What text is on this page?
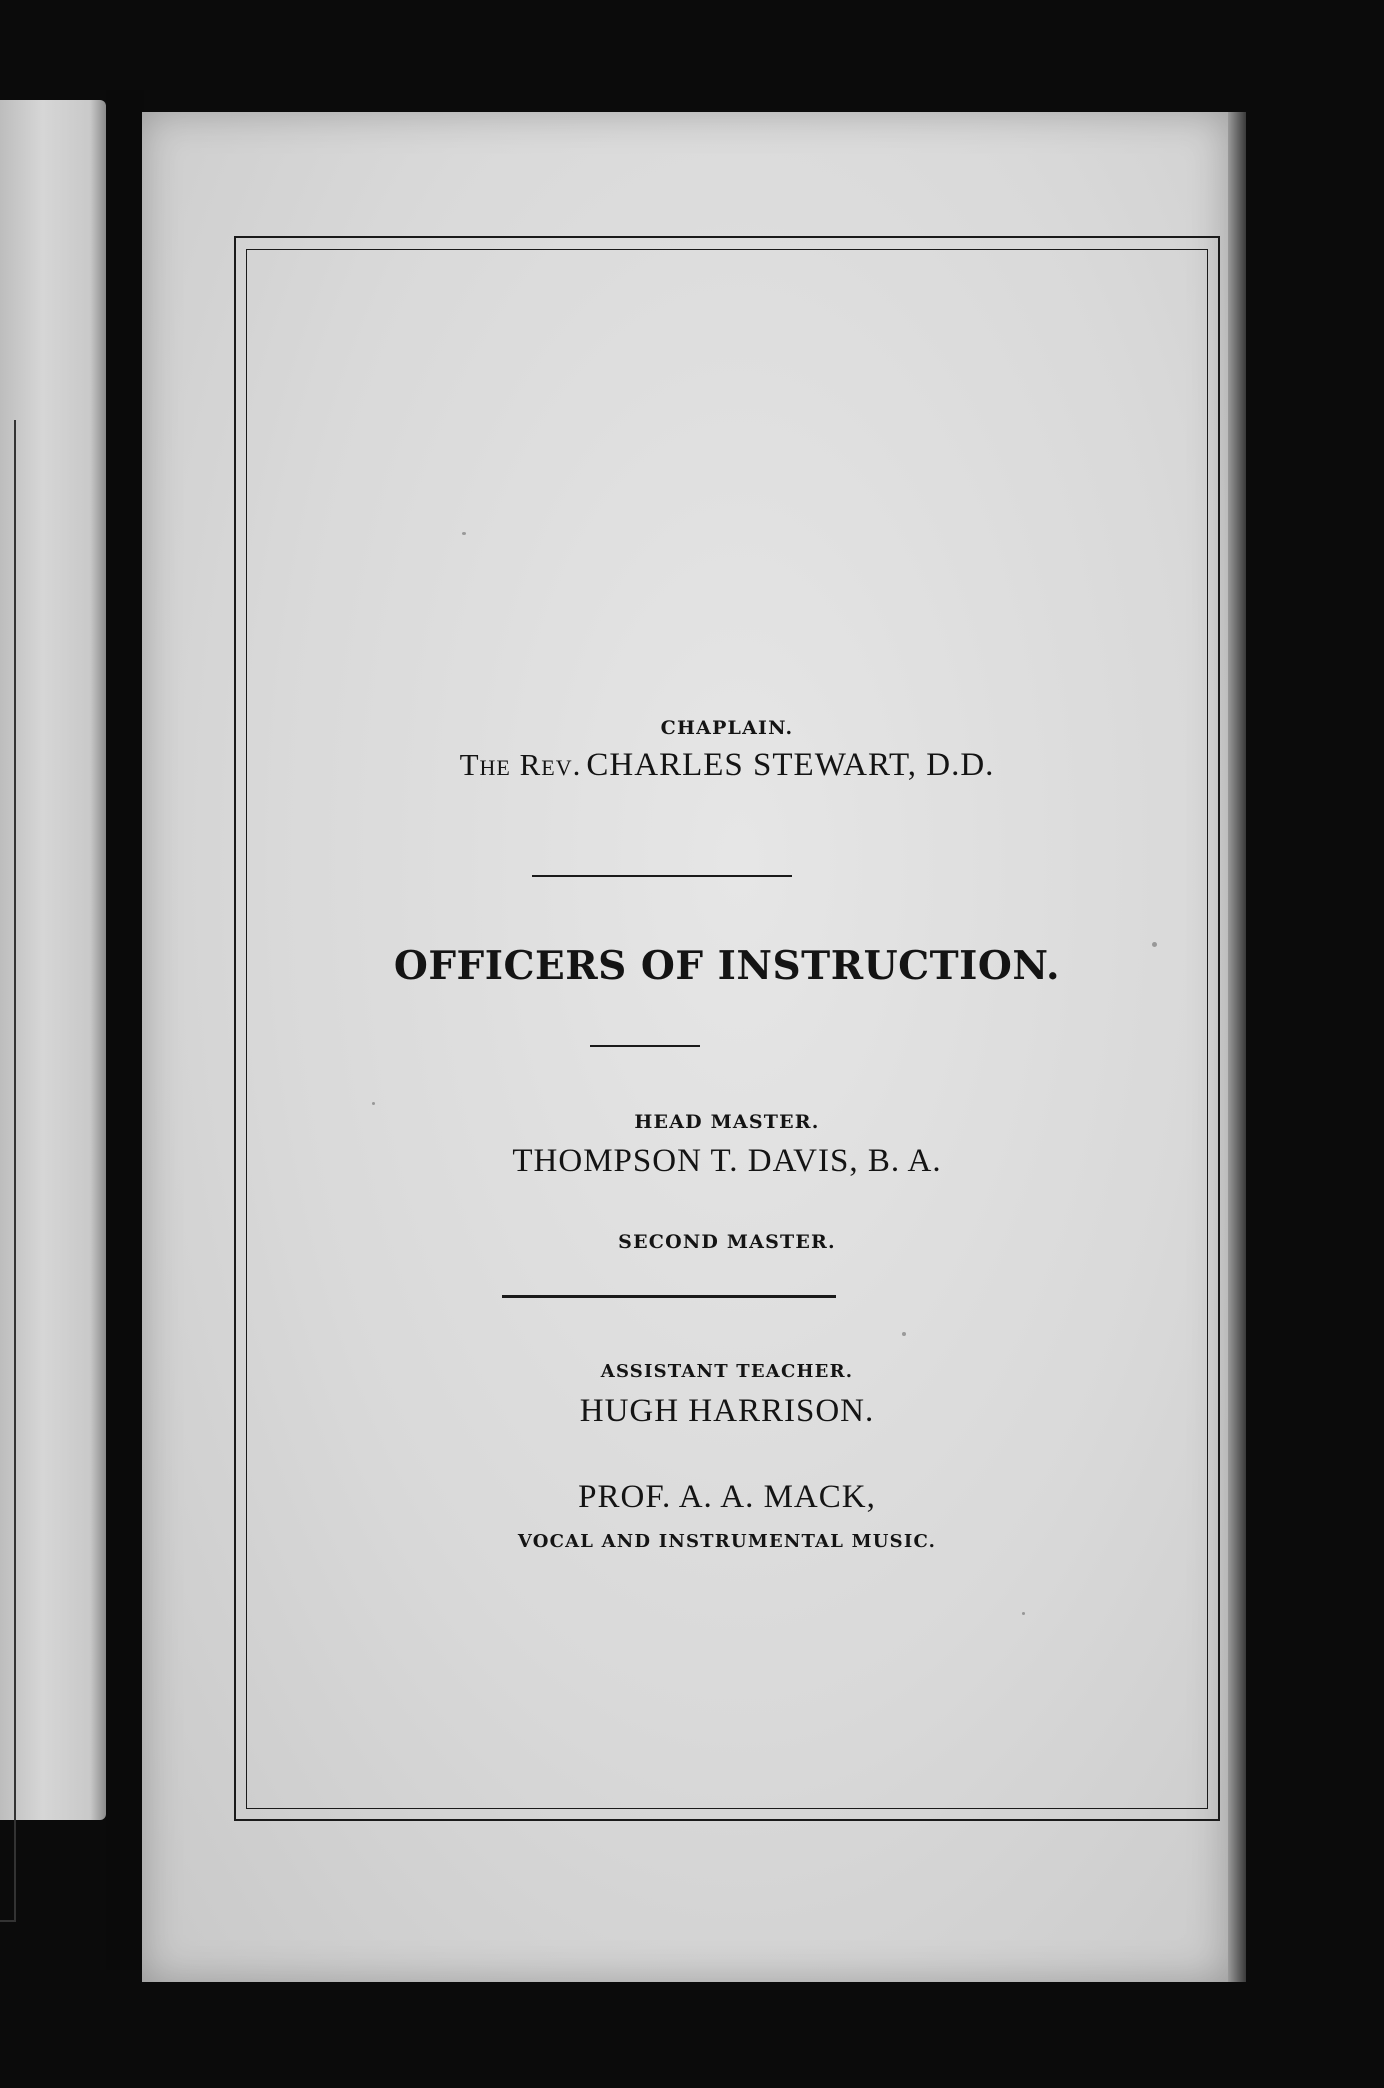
CHAPLAIN.

The Rev. CHARLES STEWART, D.D.

OFFICERS OF INSTRUCTION.

HEAD MASTER.

THOMPSON T. DAVIS, B. A.

SECOND MASTER.

ASSISTANT TEACHER.

HUGH HARRISON.

PROF. A. A. MACK,

VOCAL AND INSTRUMENTAL MUSIC.
